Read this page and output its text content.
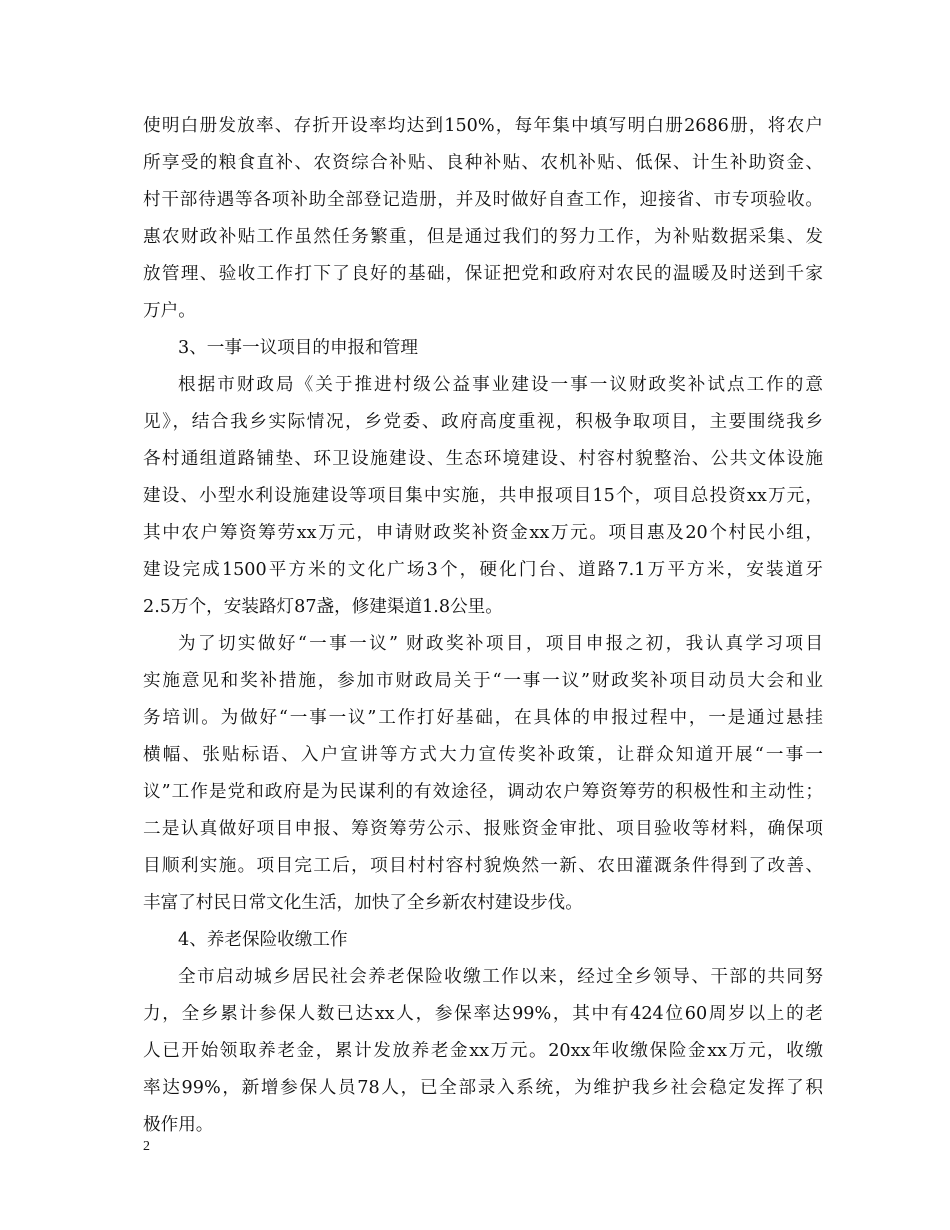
使明白册发放率、存折开设率均达到150%，每年集中填写明白册2686册，将农户
所享受的粮食直补、农资综合补贴、良种补贴、农机补贴、低保、计生补助资金、
村干部待遇等各项补助全部登记造册，并及时做好自查工作，迎接省、市专项验收。
惠农财政补贴工作虽然任务繁重，但是通过我们的努力工作，为补贴数据采集、发
放管理、验收工作打下了良好的基础，保证把党和政府对农民的温暖及时送到千家
万户。
3、一事一议项目的申报和管理
根据市财政局《关于推进村级公益事业建设一事一议财政奖补试点工作的意
见》，结合我乡实际情况，乡党委、政府高度重视，积极争取项目，主要围绕我乡
各村通组道路铺垫、环卫设施建设、生态环境建设、村容村貌整治、公共文体设施
建设、小型水利设施建设等项目集中实施，共申报项目15个，项目总投资xx万元，
其中农户筹资筹劳xx万元，申请财政奖补资金xx万元。项目惠及20个村民小组，
建设完成1500平方米的文化广场3个，硬化门台、道路7.1万平方米，安装道牙
2.5万个，安装路灯87盏，修建渠道1.8公里。
为了切实做好“一事一议” 财政奖补项目，项目申报之初，我认真学习项目
实施意见和奖补措施，参加市财政局关于“一事一议”财政奖补项目动员大会和业
务培训。为做好“一事一议”工作打好基础，在具体的申报过程中，一是通过悬挂
横幅、张贴标语、入户宣讲等方式大力宣传奖补政策，让群众知道开展“一事一
议”工作是党和政府是为民谋利的有效途径，调动农户筹资筹劳的积极性和主动性；
二是认真做好项目申报、筹资筹劳公示、报账资金审批、项目验收等材料，确保项
目顺利实施。项目完工后，项目村村容村貌焕然一新、农田灌溉条件得到了改善、
丰富了村民日常文化生活，加快了全乡新农村建设步伐。
4、养老保险收缴工作
全市启动城乡居民社会养老保险收缴工作以来，经过全乡领导、干部的共同努
力，全乡累计参保人数已达xx人，参保率达99%，其中有424位60周岁以上的老
人已开始领取养老金，累计发放养老金xx万元。20xx年收缴保险金xx万元，收缴
率达99%，新增参保人员78人，已全部录入系统，为维护我乡社会稳定发挥了积
极作用。
2
